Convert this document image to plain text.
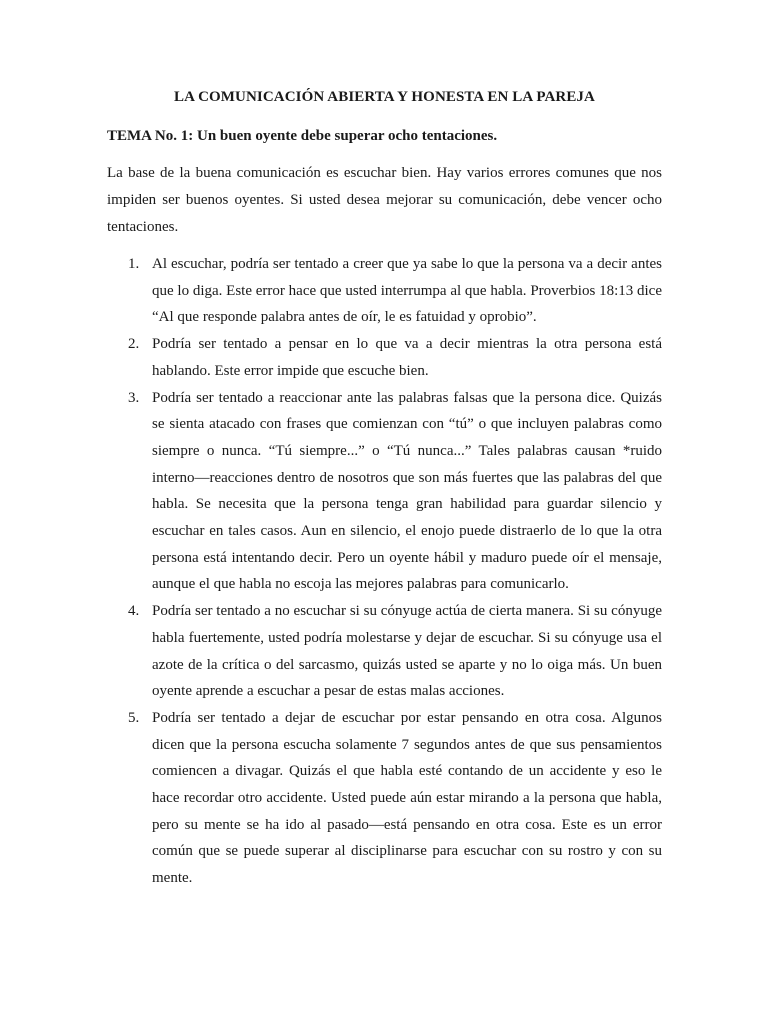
LA COMUNICACIÓN ABIERTA Y HONESTA EN LA PAREJA

TEMA No. 1: Un buen oyente debe superar ocho tentaciones.

La base de la buena comunicación es escuchar bien. Hay varios errores comunes que nos impiden ser buenos oyentes. Si usted desea mejorar su comunicación, debe vencer ocho tentaciones.

1. Al escuchar, podría ser tentado a creer que ya sabe lo que la persona va a decir antes que lo diga. Este error hace que usted interrumpa al que habla. Proverbios 18:13 dice “Al que responde palabra antes de oír, le es fatuidad y oprobio”.
2. Podría ser tentado a pensar en lo que va a decir mientras la otra persona está hablando. Este error impide que escuche bien.
3. Podría ser tentado a reaccionar ante las palabras falsas que la persona dice. Quizás se sienta atacado con frases que comienzan con “tú” o que incluyen palabras como siempre o nunca. “Tú siempre...” o “Tú nunca...” Tales palabras causan *ruido interno—reacciones dentro de nosotros que son más fuertes que las palabras del que habla. Se necesita que la persona tenga gran habilidad para guardar silencio y escuchar en tales casos. Aun en silencio, el enojo puede distraerlo de lo que la otra persona está intentando decir. Pero un oyente hábil y maduro puede oír el mensaje, aunque el que habla no escoja las mejores palabras para comunicarlo.
4. Podría ser tentado a no escuchar si su cónyuge actúa de cierta manera. Si su cónyuge habla fuertemente, usted podría molestarse y dejar de escuchar. Si su cónyuge usa el azote de la crítica o del sarcasmo, quizás usted se aparte y no lo oiga más. Un buen oyente aprende a escuchar a pesar de estas malas acciones.
5. Podría ser tentado a dejar de escuchar por estar pensando en otra cosa. Algunos dicen que la persona escucha solamente 7 segundos antes de que sus pensamientos comiencen a divagar. Quizás el que habla esté contando de un accidente y eso le hace recordar otro accidente. Usted puede aún estar mirando a la persona que habla, pero su mente se ha ido al pasado—está pensando en otra cosa. Este es un error común que se puede superar al disciplinarse para escuchar con su rostro y con su mente.
